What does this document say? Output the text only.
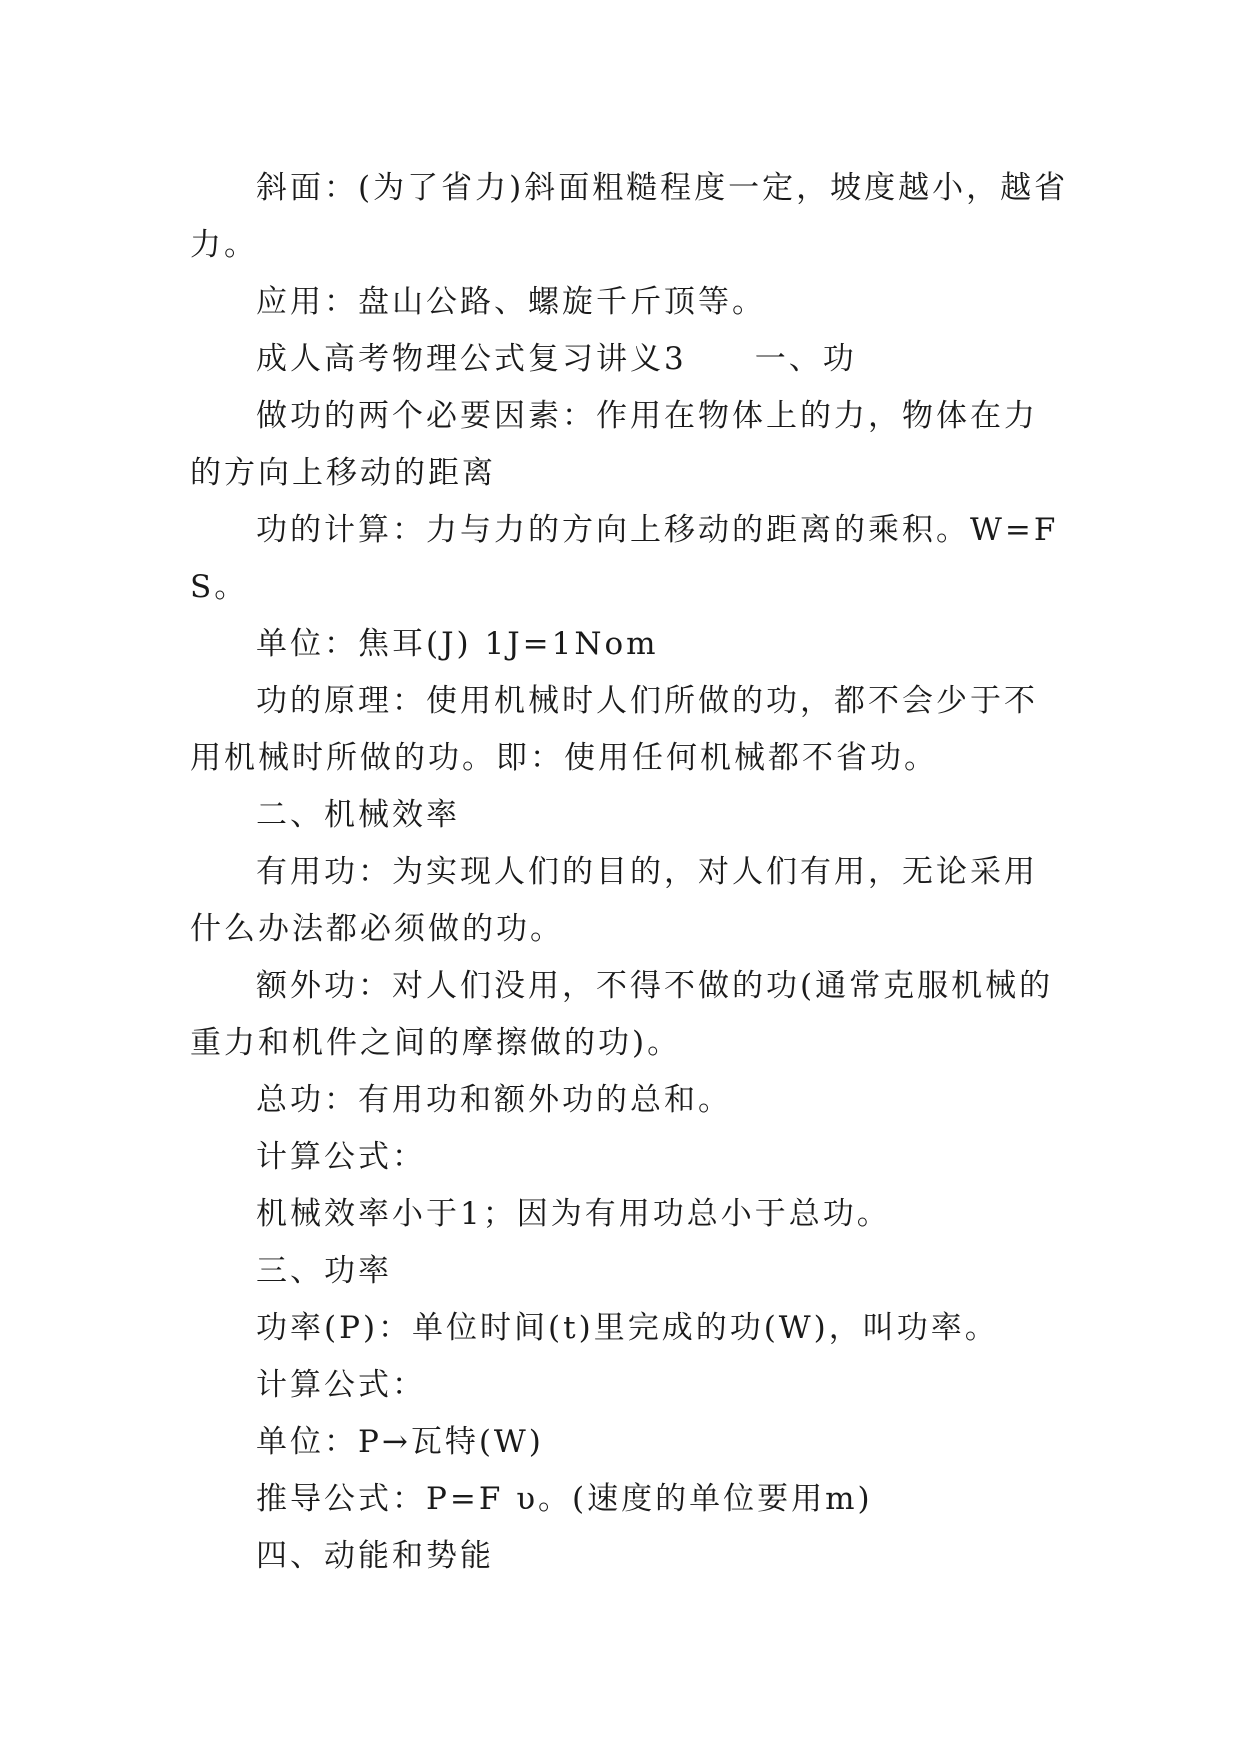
斜面：(为了省力)斜面粗糙程度一定，坡度越小，越省力。

应用：盘山公路、螺旋千斤顶等。

成人高考物理公式复习讲义3　　一、功

做功的两个必要因素：作用在物体上的力，物体在力的方向上移动的距离

功的计算：力与力的方向上移动的距离的乘积。W=FS。

单位：焦耳(J) 1J=1Nom

功的原理：使用机械时人们所做的功，都不会少于不用机械时所做的功。即：使用任何机械都不省功。

二、机械效率

有用功：为实现人们的目的，对人们有用，无论采用什么办法都必须做的功。

额外功：对人们没用，不得不做的功(通常克服机械的重力和机件之间的摩擦做的功)。

总功：有用功和额外功的总和。

计算公式：

机械效率小于1；因为有用功总小于总功。

三、功率

功率(P)：单位时间(t)里完成的功(W)，叫功率。

计算公式：

单位：P→瓦特(W)

推导公式：P=F υ。(速度的单位要用m)

四、动能和势能
